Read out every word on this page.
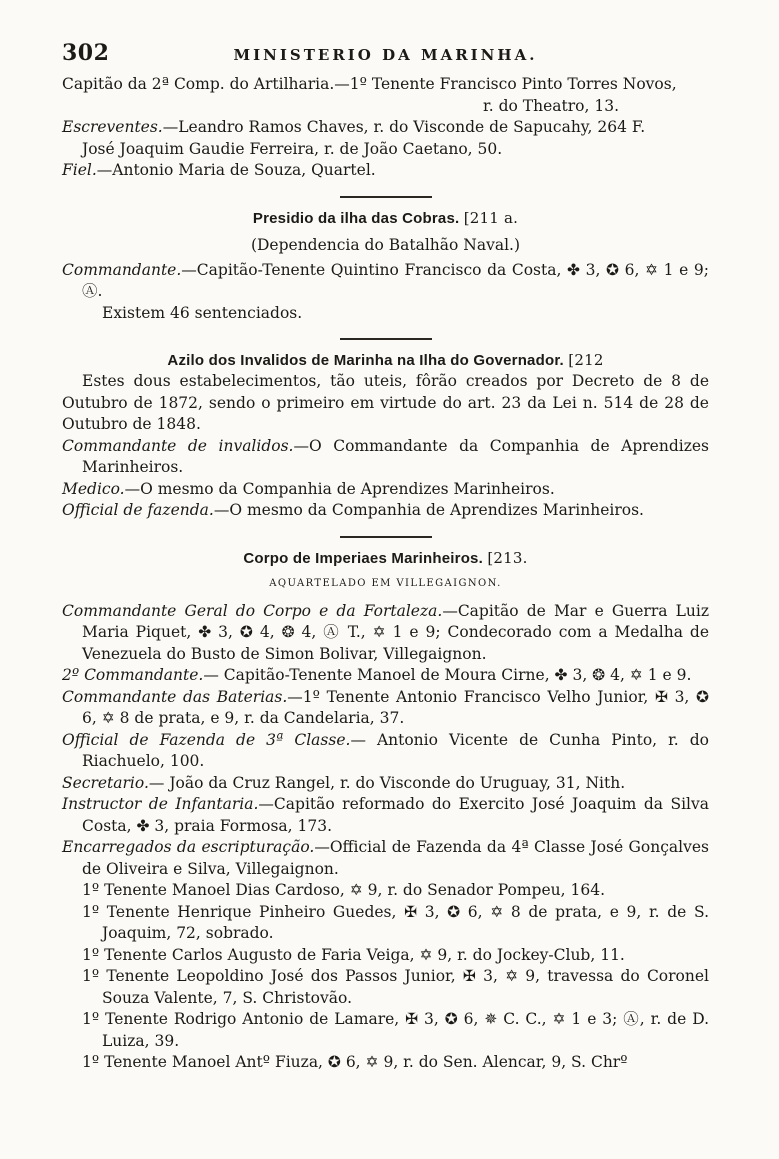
302	MINISTERIO DA MARINHA.

Capitão da 2ª Comp. do Artilharia.—1º Tenente Francisco Pinto Torres Novos,

r. do Theatro, 13.

Escreventes.—Leandro Ramos Chaves, r. do Visconde de Sapucahy, 264 F.

José Joaquim Gaudie Ferreira, r. de João Caetano, 50.

Fiel.—Antonio Maria de Souza, Quartel.

Presidio da ilha das Cobras. [211 a.

(Dependencia do Batalhão Naval.)

Commandante.—Capitão-Tenente Quintino Francisco da Costa, ✤ 3, ✪ 6, ✡ 1 e 9; Ⓐ.

Existem 46 sentenciados.

Azilo dos Invalidos de Marinha na Ilha do Governador. [212

Estes dous estabelecimentos, tão uteis, fôrão creados por Decreto de 8 de Outubro de 1872, sendo o primeiro em virtude do art. 23 da Lei n. 514 de 28 de Outubro de 1848.

Commandante de invalidos.—O Commandante da Companhia de Aprendizes Marinheiros.

Medico.—O mesmo da Companhia de Aprendizes Marinheiros.

Official de fazenda.—O mesmo da Companhia de Aprendizes Marinheiros.

Corpo de Imperiaes Marinheiros. [213.

AQUARTELADO EM VILLEGAIGNON.

Commandante Geral do Corpo e da Fortaleza.—Capitão de Mar e Guerra Luiz Maria Piquet, ✤ 3, ✪ 4, ❂ 4, Ⓐ T., ✡ 1 e 9; Condecorado com a Medalha de Venezuela do Busto de Simon Bolivar, Villegaignon.

2º Commandante.— Capitão-Tenente Manoel de Moura Cirne, ✤ 3, ❂ 4, ✡ 1 e 9.

Commandante das Baterias.—1º Tenente Antonio Francisco Velho Junior, ✠ 3, ✪ 6, ✡ 8 de prata, e 9, r. da Candelaria, 37.

Official de Fazenda de 3ª Classe.— Antonio Vicente de Cunha Pinto, r. do Riachuelo, 100.

Secretario.— João da Cruz Rangel, r. do Visconde do Uruguay, 31, Nith.

Instructor de Infantaria.—Capitão reformado do Exercito José Joaquim da Silva Costa, ✤ 3, praia Formosa, 173.

Encarregados da escripturação.—Official de Fazenda da 4ª Classe José Gonçalves de Oliveira e Silva, Villegaignon.

1º Tenente Manoel Dias Cardoso, ✡ 9, r. do Senador Pompeu, 164.

1º Tenente Henrique Pinheiro Guedes, ✠ 3, ✪ 6, ✡ 8 de prata, e 9, r. de S. Joaquim, 72, sobrado.

1º Tenente Carlos Augusto de Faria Veiga, ✡ 9, r. do Jockey-Club, 11.

1º Tenente Leopoldino José dos Passos Junior, ✠ 3, ✡ 9, travessa do Coronel Souza Valente, 7, S. Christovão.

1º Tenente Rodrigo Antonio de Lamare, ✠ 3, ✪ 6, ✵ C. C., ✡ 1 e 3; Ⓐ, r. de D. Luiza, 39.

1º Tenente Manoel Antº Fiuza, ✪ 6, ✡ 9, r. do Sen. Alencar, 9, S. Chrº
